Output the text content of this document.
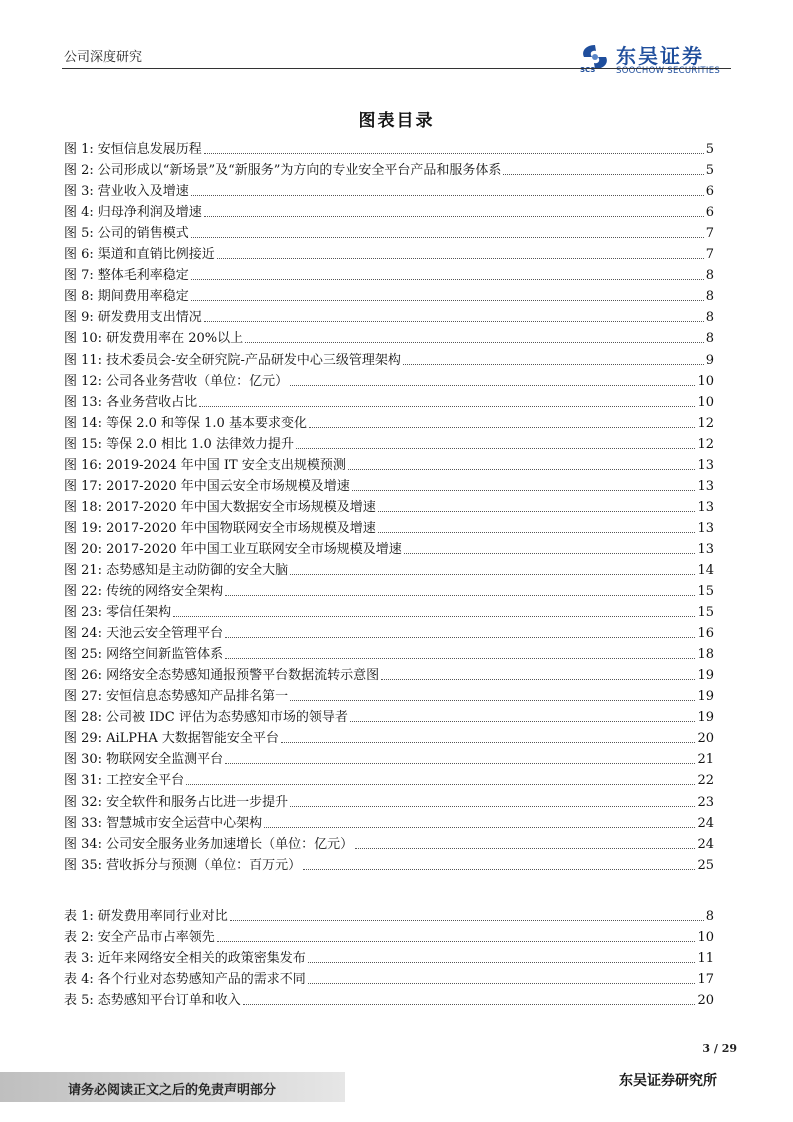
公司深度研究
SCS
东吴证券
SOOCHOW SECURITIES
图表目录
图 1: 安恒信息发展历程	5
图 2: 公司形成以“新场景”及“新服务”为方向的专业安全平台产品和服务体系	5
图 3: 营业收入及增速	6
图 4: 归母净利润及增速	6
图 5: 公司的销售模式	7
图 6: 渠道和直销比例接近	7
图 7: 整体毛利率稳定	8
图 8: 期间费用率稳定	8
图 9: 研发费用支出情况	8
图 10: 研发费用率在 20%以上	8
图 11: 技术委员会-安全研究院-产品研发中心三级管理架构	9
图 12: 公司各业务营收（单位：亿元）	10
图 13: 各业务营收占比	10
图 14: 等保 2.0 和等保 1.0 基本要求变化	12
图 15: 等保 2.0 相比 1.0 法律效力提升	12
图 16: 2019-2024 年中国 IT 安全支出规模预测	13
图 17: 2017-2020 年中国云安全市场规模及增速	13
图 18: 2017-2020 年中国大数据安全市场规模及增速	13
图 19: 2017-2020 年中国物联网安全市场规模及增速	13
图 20: 2017-2020 年中国工业互联网安全市场规模及增速	13
图 21: 态势感知是主动防御的安全大脑	14
图 22: 传统的网络安全架构	15
图 23: 零信任架构	15
图 24: 天池云安全管理平台	16
图 25: 网络空间新监管体系	18
图 26: 网络安全态势感知通报预警平台数据流转示意图	19
图 27: 安恒信息态势感知产品排名第一	19
图 28: 公司被 IDC 评估为态势感知市场的领导者	19
图 29: AiLPHA 大数据智能安全平台	20
图 30: 物联网安全监测平台	21
图 31: 工控安全平台	22
图 32: 安全软件和服务占比进一步提升	23
图 33: 智慧城市安全运营中心架构	24
图 34: 公司安全服务业务加速增长（单位：亿元）	24
图 35: 营收拆分与预测（单位：百万元）	25
表 1: 研发费用率同行业对比	8
表 2: 安全产品市占率领先	10
表 3: 近年来网络安全相关的政策密集发布	11
表 4: 各个行业对态势感知产品的需求不同	17
表 5: 态势感知平台订单和收入	20
3 / 29
请务必阅读正文之后的免责声明部分
东吴证券研究所
